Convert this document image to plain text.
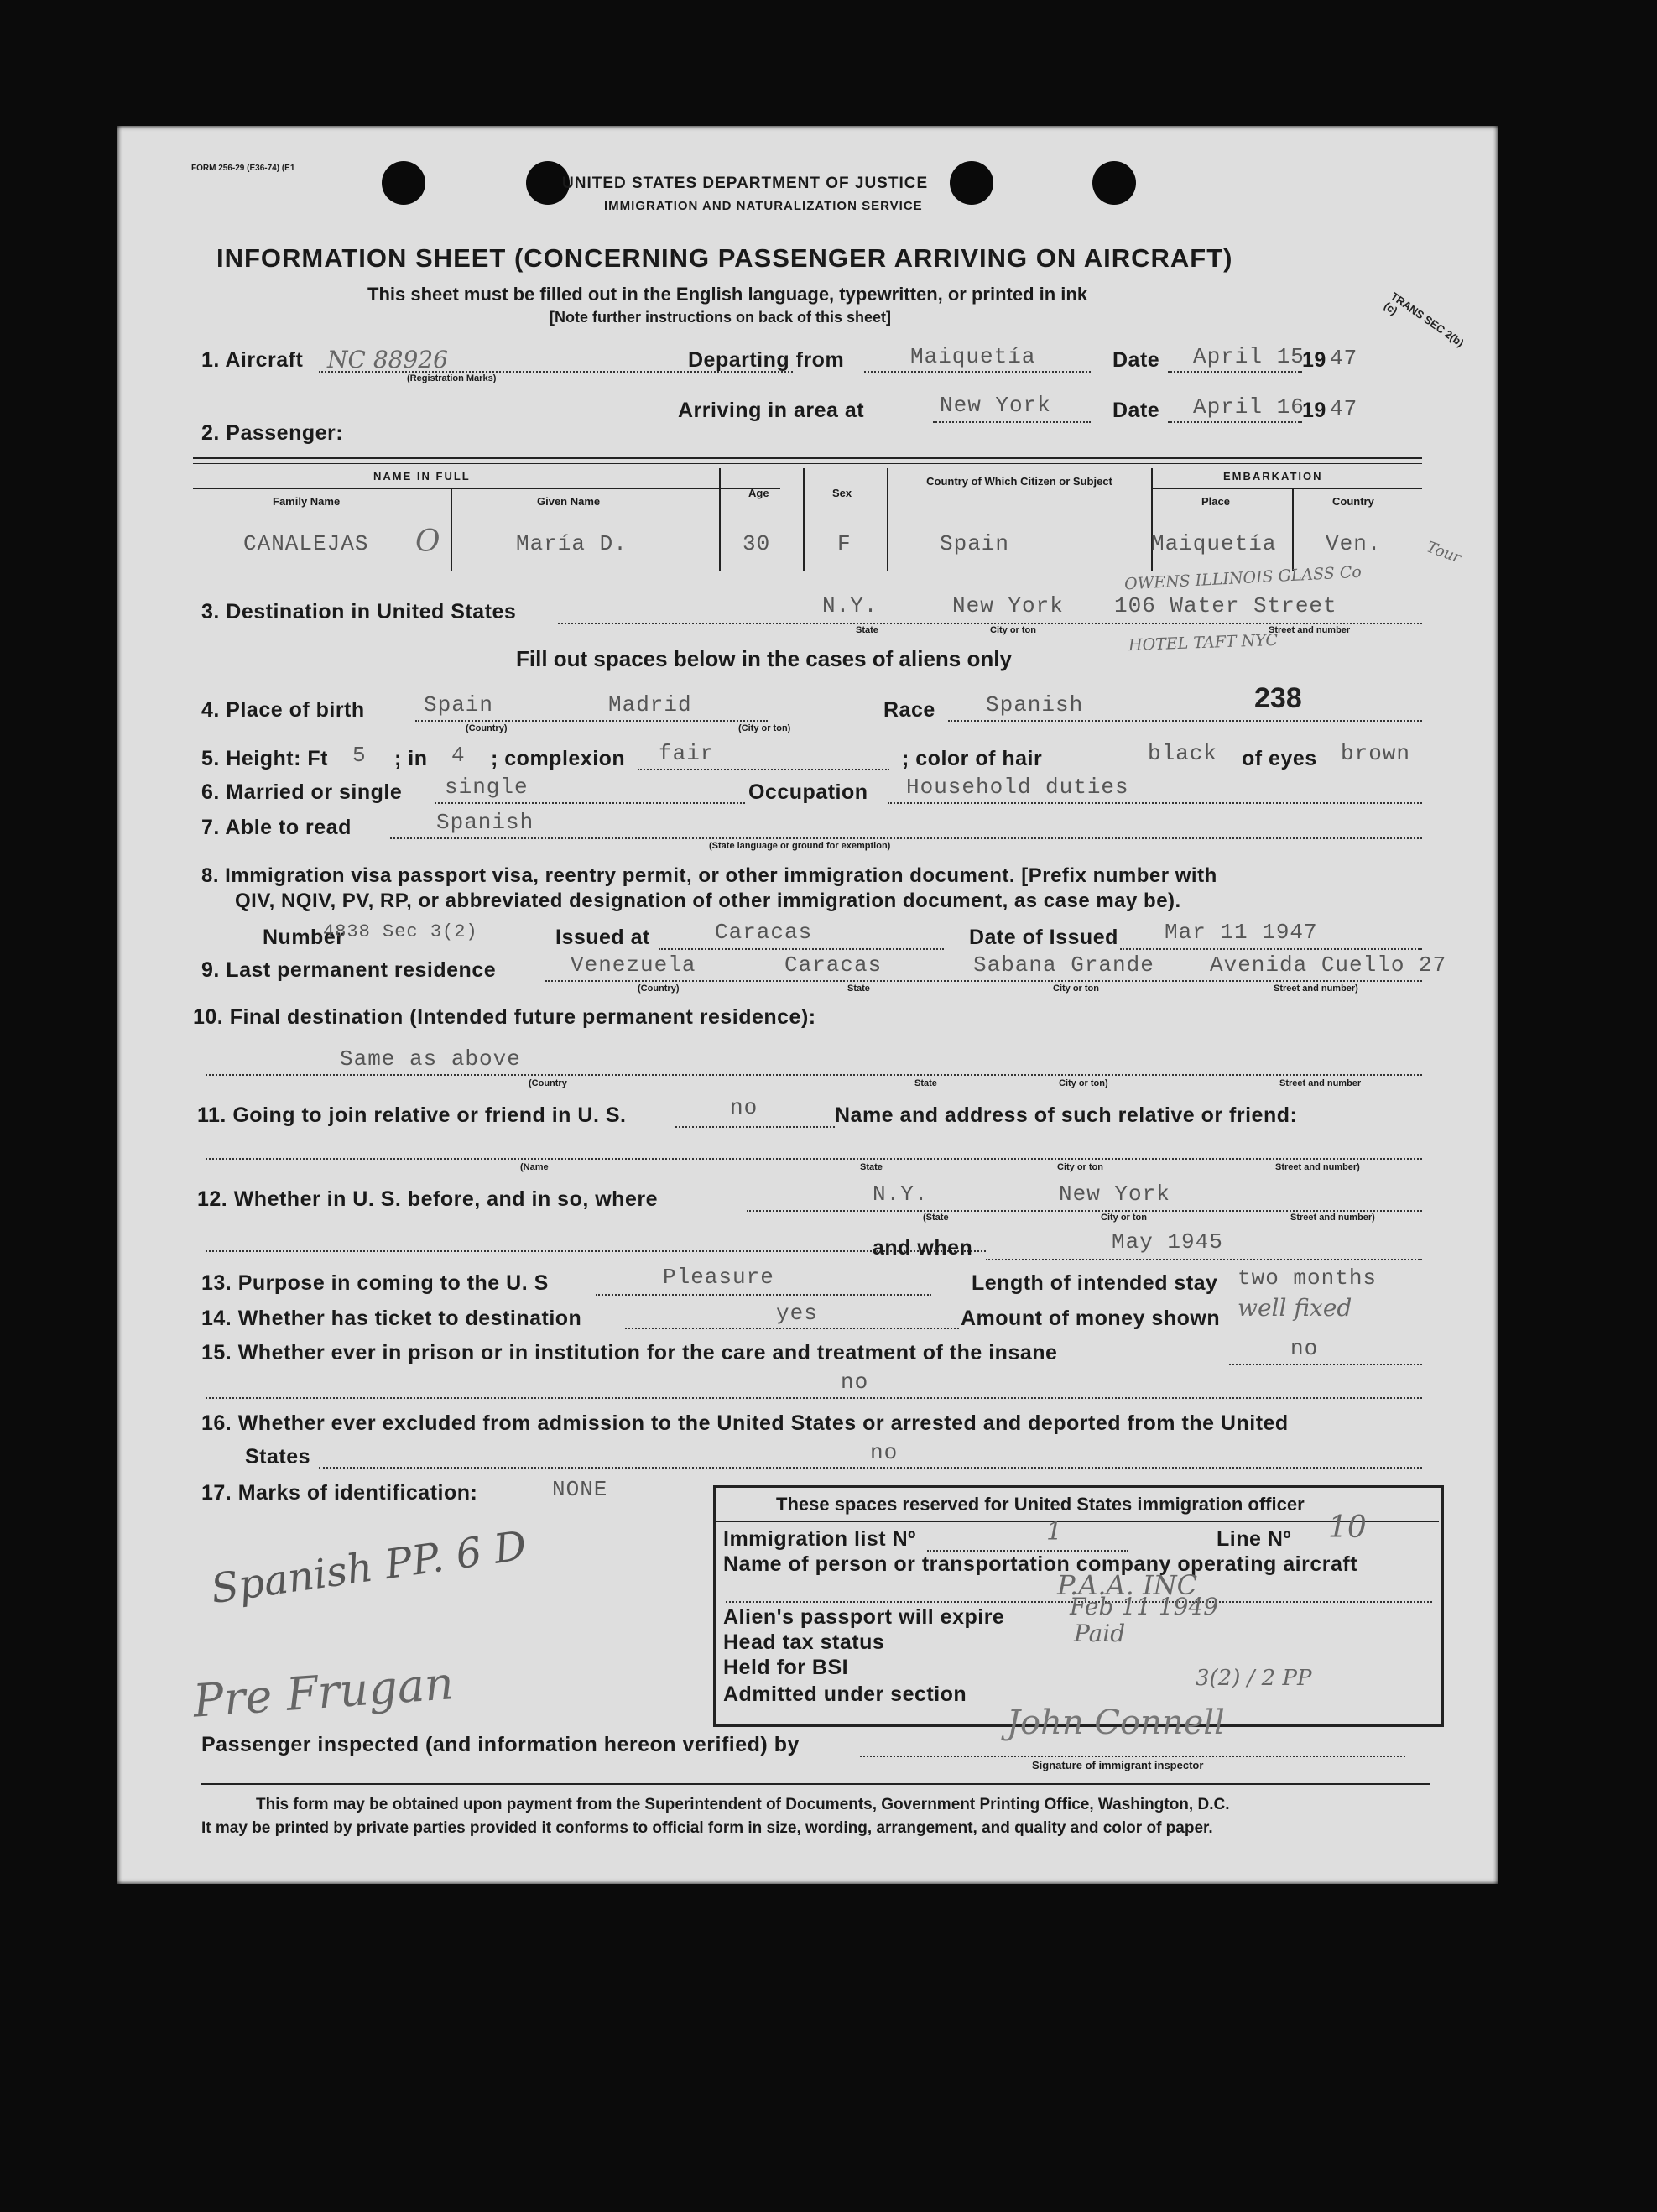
FORM 256-29 (E36-74) (E1
UNITED STATES DEPARTMENT OF JUSTICE
IMMIGRATION AND NATURALIZATION SERVICE
INFORMATION SHEET (CONCERNING PASSENGER ARRIVING ON AIRCRAFT)
This sheet must be filled out in the English language, typewritten, or printed in ink
[Note further instructions on back of this sheet]	TRANS SEC 2(b)(c)
1. Aircraft NC 88926
(Registration Marks)
Departing from	Maiquetía	Date April 15
19 47
2. Passenger:
Arriving in area at	New York	Date April 16
19 47
NAME IN FULL
Family Name	Given Name
Age	Sex
Country of Which Citizen or Subject	EMBARKATION
Place	Country
CANALEJAS O	María D.	30	F	Spain	Maiquetía Ven.	Tour
OWENS ILLINOIS GLASS Co
3. Destination in United States	N.Y.	New York 106 Water Street
State	City or ton	Street and number
Fill out spaces below in the cases of aliens only
HOTEL TAFT NYC
4. Place of birth	Spain	Madrid
(Country)	(City or ton)
Race Spanish	238
5. Height: Ft 5 ; in 4 ; complexion fair	; color of hair	black of eyes brown
6. Married or single single	Occupation Household duties
7. Able to read	Spanish
(State language or ground for exemption)
8. Immigration visa passport visa, reentry permit, or other immigration document. [Prefix number with
QIV, NQIV, PV, RP, or abbreviated designation of other immigration document, as case may be).
Number
4838 Sec 3(2)	Issued at	Caracas	Date of Issued Mar 11 1947
9. Last permanent residence	Venezuela	Caracas	Sabana Grande	Avenida Cuello 27
(Country)	State	City or ton	Street and number)
10. Final destination (Intended future permanent residence):
Same as above
(Country	State	City or ton)	Street and number
11. Going to join relative or friend in U. S.	no	Name and address of such relative or friend:
(Name	State	City or ton	Street and number)
12. Whether in U. S. before, and in so, where	N.Y.	New York
(State	City or ton	Street and number)
and when	May 1945
13. Purpose in coming to the U. S	Pleasure	Length of intended stay two months
14. Whether has ticket to destination	yes	Amount of money shown well fixed
15. Whether ever in prison or in institution for the care and treatment of the insane	no
no
16. Whether ever excluded from admission to the United States or arrested and deported from the United
States	no
17. Marks of identification:	NONE
Spanish PP. 6 D
Pre Frugan
These spaces reserved for United States immigration officer
Immigration list Nº	1	Line Nº 10
Name of person or transportation company operating aircraft
P.A.A. INC
Alien's passport will expire	Feb 11 1949
Head tax status	Paid
Held for BSI
Admitted under section
3(2) / 2 PP
Passenger inspected (and information hereon verified) by
John Connell
Signature of immigrant inspector
This form may be obtained upon payment from the Superintendent of Documents, Government Printing Office, Washington, D.C.
It may be printed by private parties provided it conforms to official form in size, wording, arrangement, and quality and color of paper.
